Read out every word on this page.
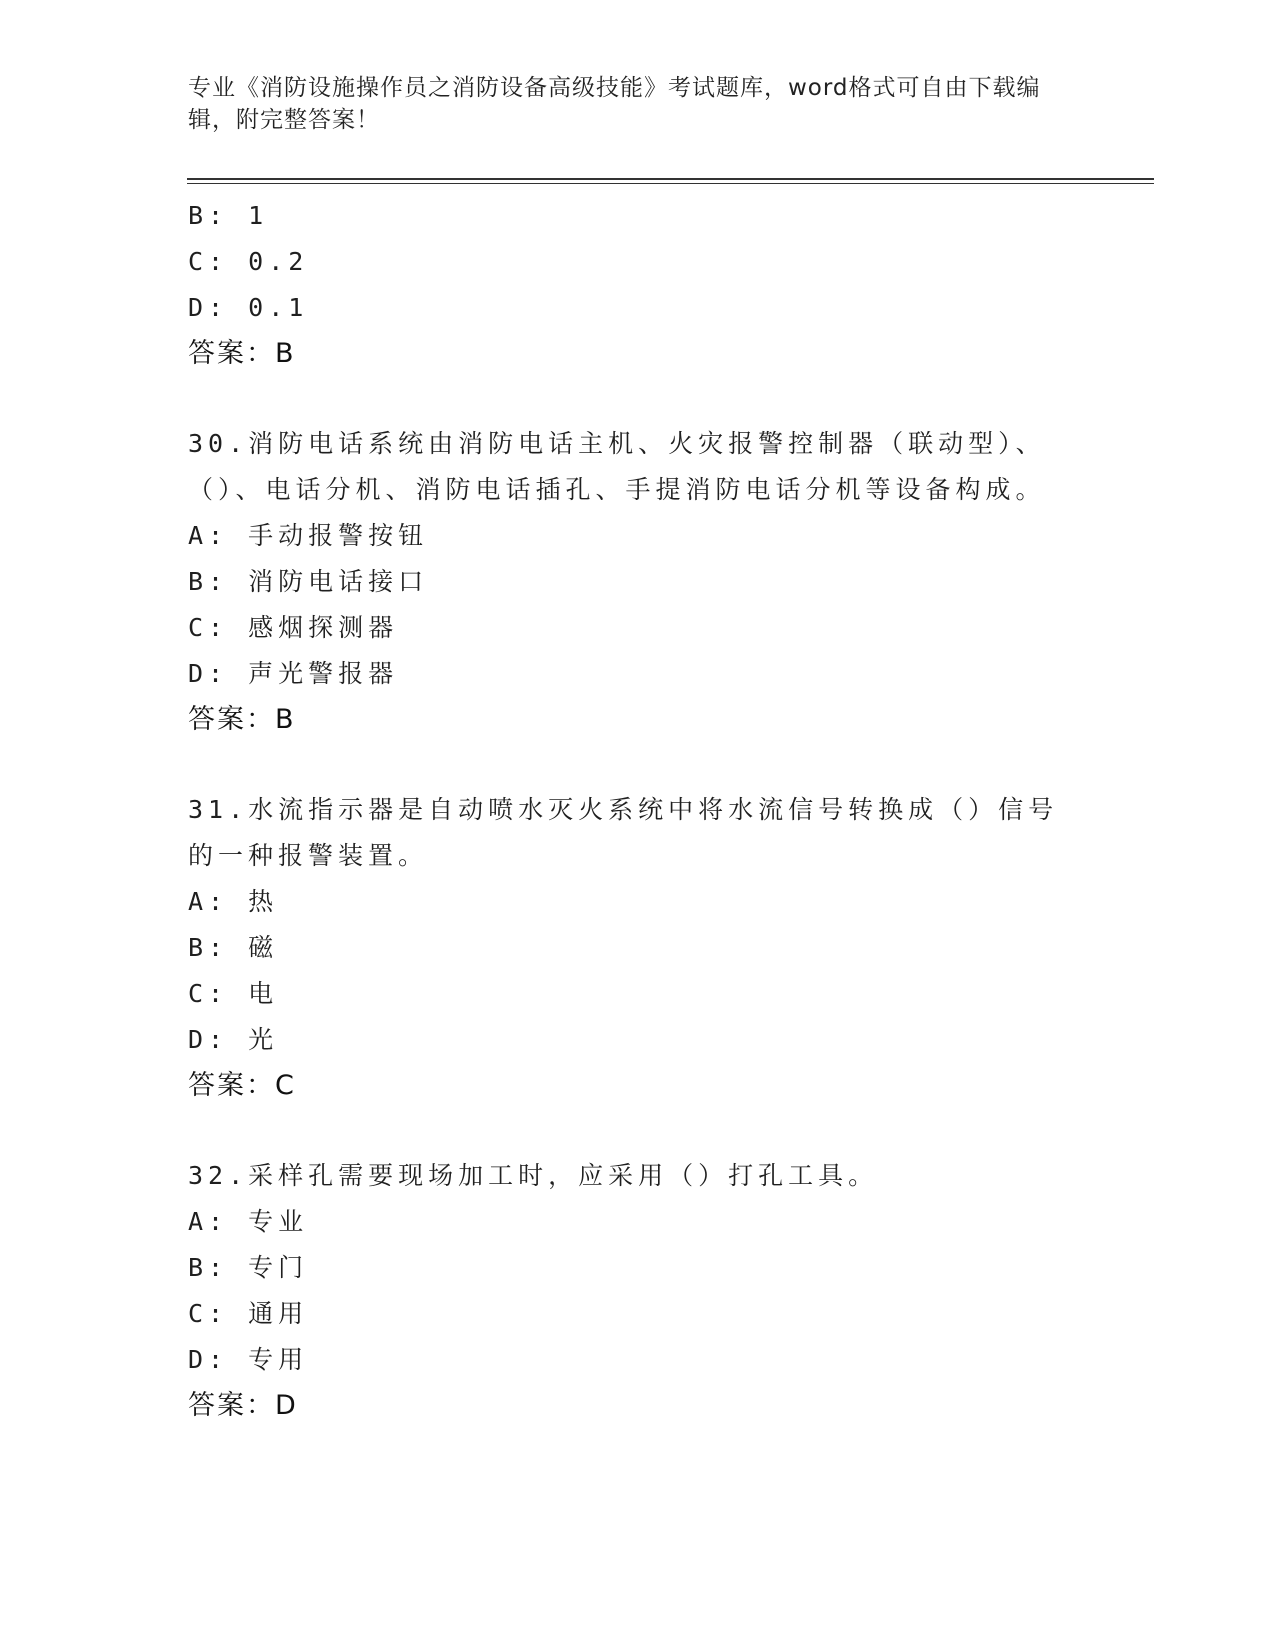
专业《消防设施操作员之消防设备高级技能》考试题库，word格式可自由下载编辑，附完整答案！
B: 1
C: 0.2
D: 0.1
答案：B
30.消防电话系统由消防电话主机、火灾报警控制器（联动型）、（）、电话分机、消防电话插孔、手提消防电话分机等设备构成。
A: 手动报警按钮
B: 消防电话接口
C: 感烟探测器
D: 声光警报器
答案：B
31.水流指示器是自动喷水灭火系统中将水流信号转换成（）信号的一种报警装置。
A: 热
B: 磁
C: 电
D: 光
答案：C
32.采样孔需要现场加工时，应采用（）打孔工具。
A: 专业
B: 专门
C: 通用
D: 专用
答案：D
